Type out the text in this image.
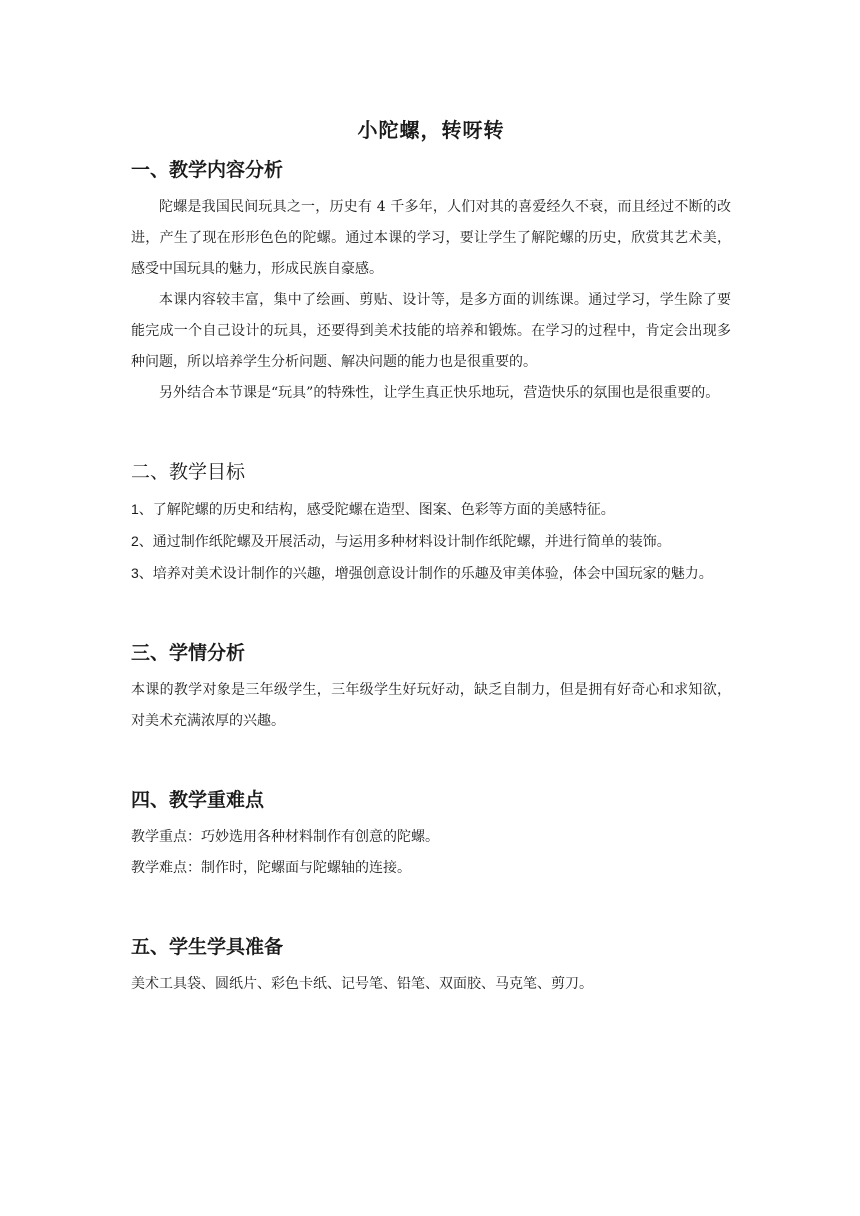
小陀螺，转呀转
一、教学内容分析

陀螺是我国民间玩具之一，历史有 4 千多年，人们对其的喜爱经久不衰，而且经过不断的改进，产生了现在形形色色的陀螺。通过本课的学习，要让学生了解陀螺的历史，欣赏其艺术美，感受中国玩具的魅力，形成民族自豪感。

本课内容较丰富，集中了绘画、剪贴、设计等，是多方面的训练课。通过学习，学生除了要能完成一个自己设计的玩具，还要得到美术技能的培养和锻炼。在学习的过程中，肯定会出现多种问题，所以培养学生分析问题、解决问题的能力也是很重要的。

另外结合本节课是“玩具”的特殊性，让学生真正快乐地玩，营造快乐的氛围也是很重要的。

二、教学目标

1、了解陀螺的历史和结构，感受陀螺在造型、图案、色彩等方面的美感特征。

2、通过制作纸陀螺及开展活动，与运用多种材料设计制作纸陀螺，并进行简单的装饰。

3、培养对美术设计制作的兴趣，增强创意设计制作的乐趣及审美体验，体会中国玩家的魅力。

三、学情分析

本课的教学对象是三年级学生，三年级学生好玩好动，缺乏自制力，但是拥有好奇心和求知欲，对美术充满浓厚的兴趣。

四、教学重难点

教学重点：巧妙选用各种材料制作有创意的陀螺。

教学难点：制作时，陀螺面与陀螺轴的连接。

五、学生学具准备

美术工具袋、圆纸片、彩色卡纸、记号笔、铅笔、双面胶、马克笔、剪刀。
